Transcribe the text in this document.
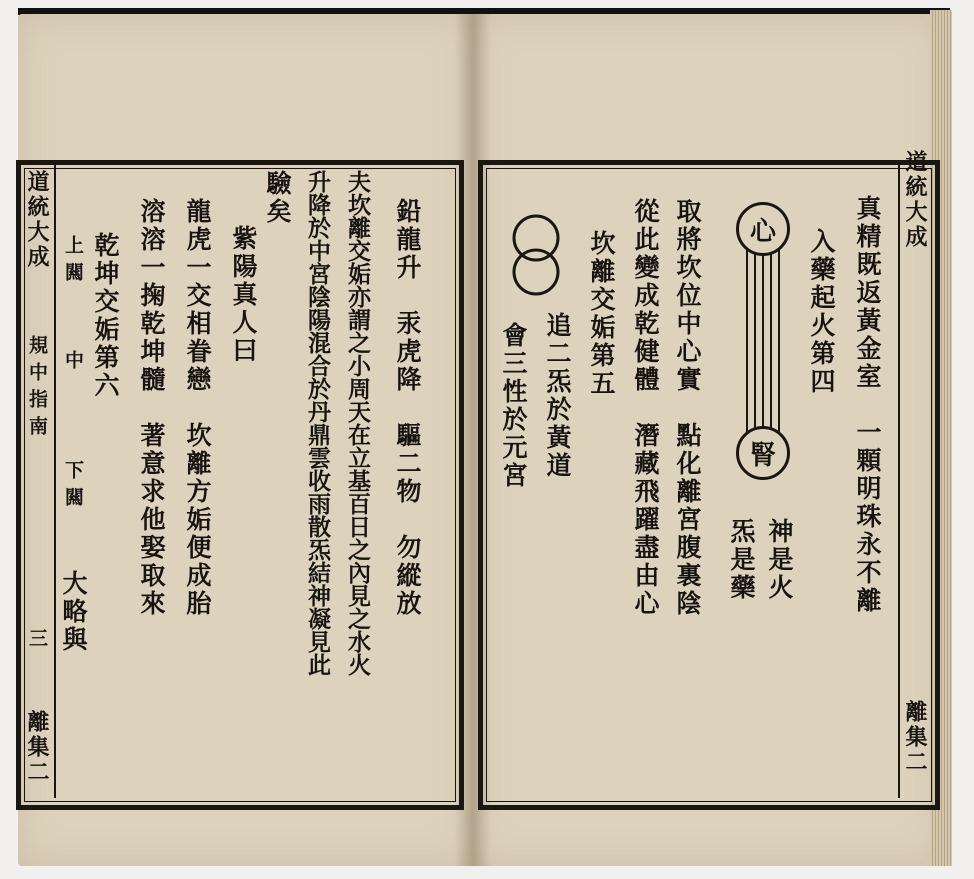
道統大成
規中指南
三
離集二
上闗
中
下闗
大略與
乾坤交姤第六 溶溶一掬乾坤髓　著意求他娶取來 龍虎一交相眷戀　坎離方姤便成胎 紫陽真人曰
驗矣 升降於中宮陰陽混合於丹鼎雲收雨散炁結神凝見此 夫坎離交姤亦謂之小周天在立基百日之內見之水火 鉛龍升　汞虎降　驅二物　勿縱放	道統大成
離集二
真精既返黃金室　一顆明珠永不離
入藥起火第四
神是火
炁是藥
取將坎位中心實　點化離宮腹裏陰
從此變成乾健體　潛藏飛躍盡由心
坎離交姤第五
追二炁於黃道
會三性於元宮
心
腎
